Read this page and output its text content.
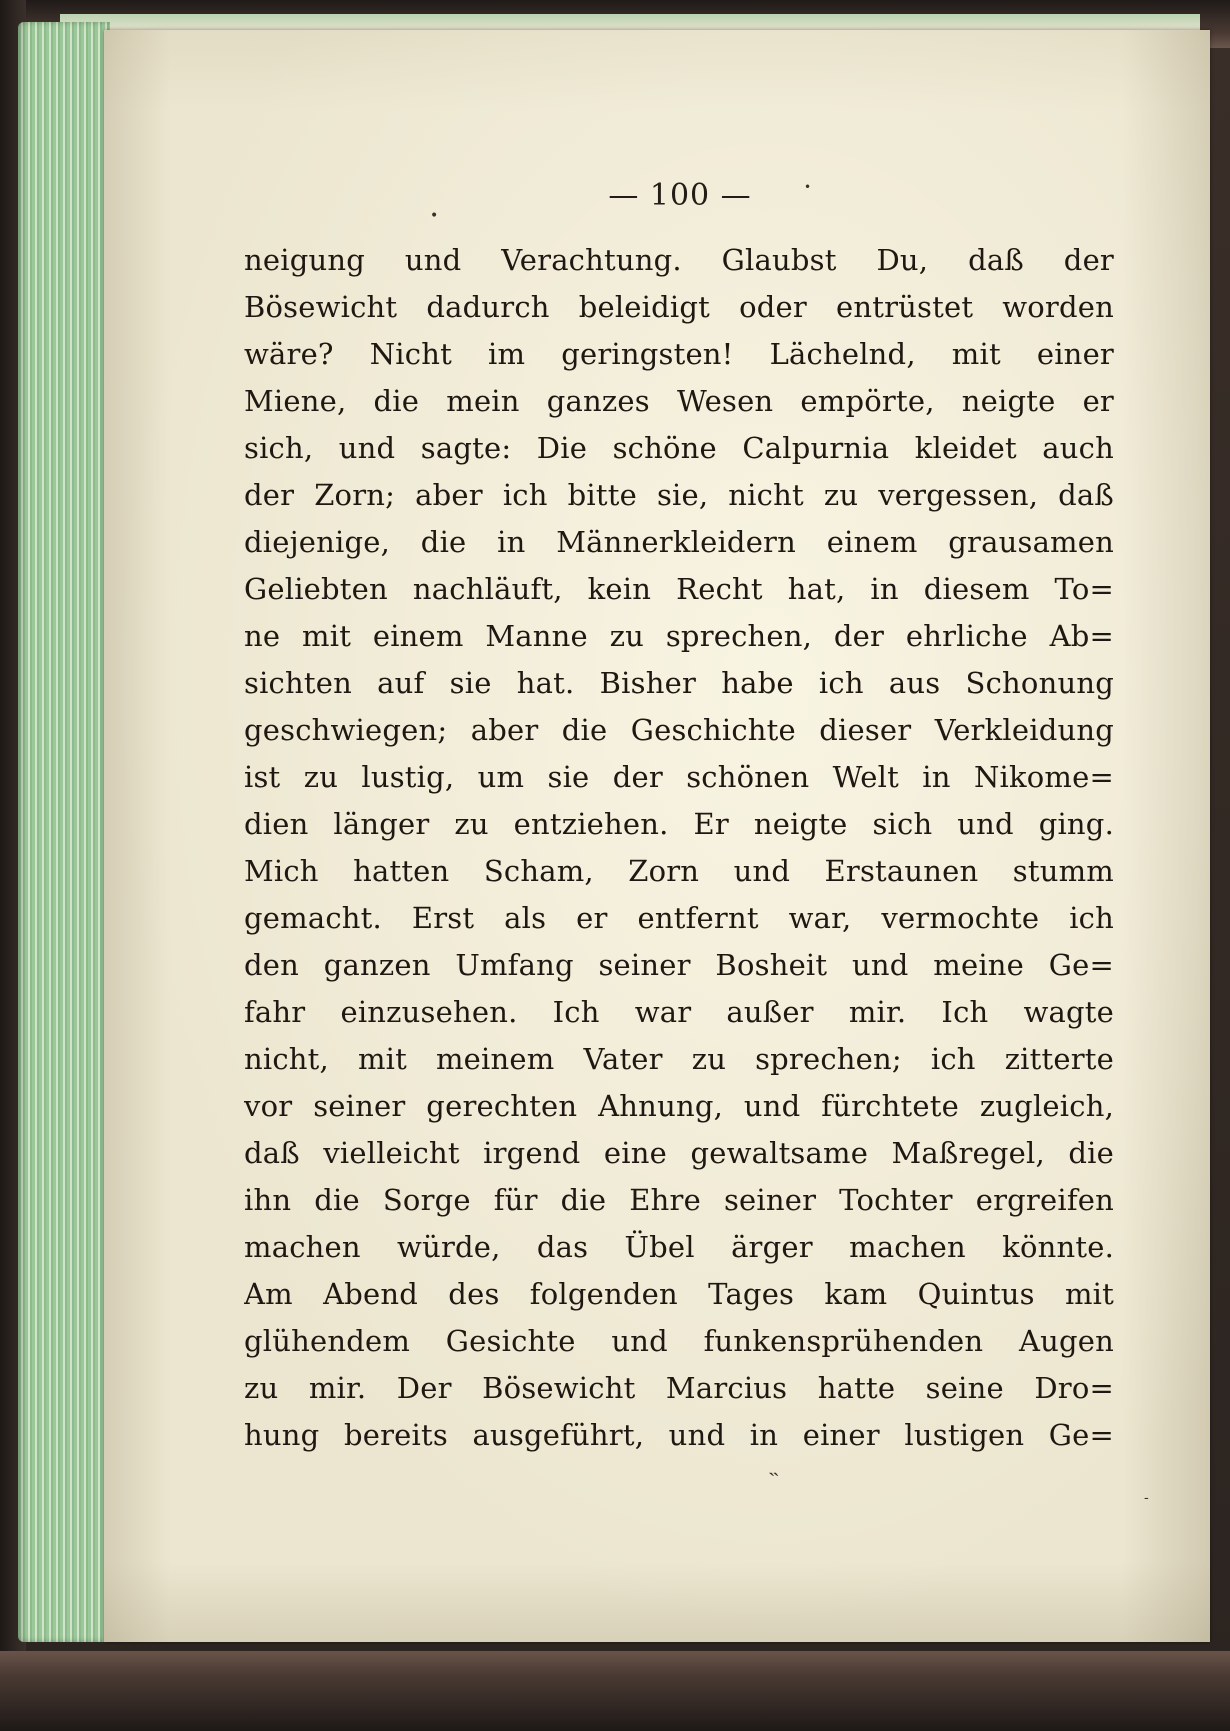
— 100 —
•
•
˵
-
neigung und Verachtung. Glaubst Du, daß der
Bösewicht dadurch beleidigt oder entrüstet worden
wäre? Nicht im geringsten! Lächelnd, mit einer
Miene, die mein ganzes Wesen empörte, neigte er
sich, und sagte: Die schöne Calpurnia kleidet auch
der Zorn; aber ich bitte sie, nicht zu vergessen, daß
diejenige, die in Männerkleidern einem grausamen
Geliebten nachläuft, kein Recht hat, in diesem To=
ne mit einem Manne zu sprechen, der ehrliche Ab=
sichten auf sie hat. Bisher habe ich aus Schonung
geschwiegen; aber die Geschichte dieser Verkleidung
ist zu lustig, um sie der schönen Welt in Nikome=
dien länger zu entziehen. Er neigte sich und ging.
Mich hatten Scham, Zorn und Erstaunen stumm
gemacht. Erst als er entfernt war, vermochte ich
den ganzen Umfang seiner Bosheit und meine Ge=
fahr einzusehen. Ich war außer mir. Ich wagte
nicht, mit meinem Vater zu sprechen; ich zitterte
vor seiner gerechten Ahnung, und fürchtete zugleich,
daß vielleicht irgend eine gewaltsame Maßregel, die
ihn die Sorge für die Ehre seiner Tochter ergreifen
machen würde, das Übel ärger machen könnte.
Am Abend des folgenden Tages kam Quintus mit
glühendem Gesichte und funkensprühenden Augen
zu mir. Der Bösewicht Marcius hatte seine Dro=
hung bereits ausgeführt, und in einer lustigen Ge=
